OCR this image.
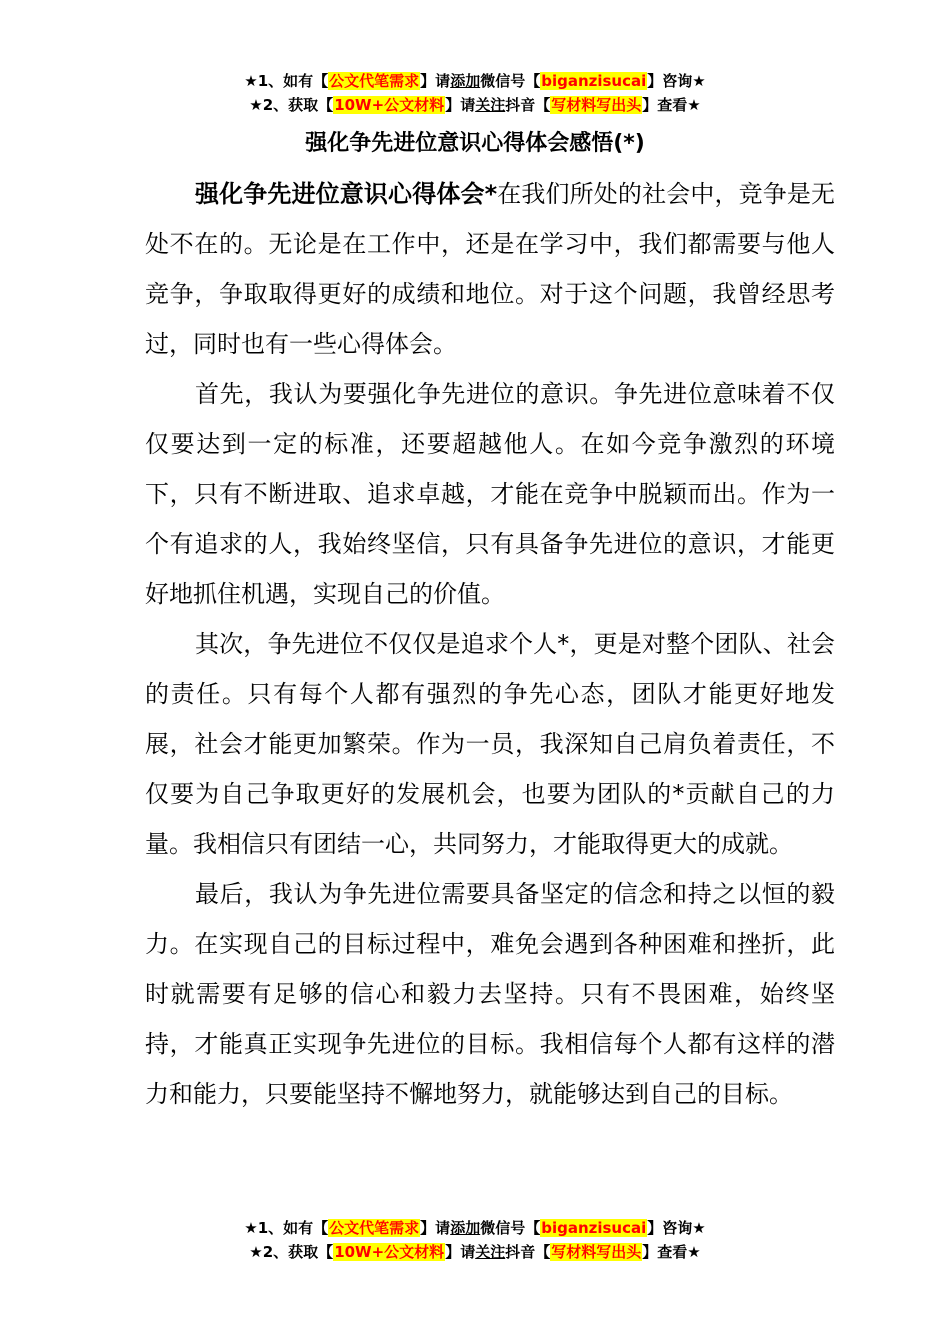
★1、如有【公文代笔需求】请添加微信号【biganzisucai】咨询★
★2、获取【10W+公文材料】请关注抖音【写材料写出头】查看★
强化争先进位意识心得体会感悟(*)

强化争先进位意识心得体会*在我们所处的社会中，竞争是无处不在的。无论是在工作中，还是在学习中，我们都需要与他人竞争，争取取得更好的成绩和地位。对于这个问题，我曾经思考过，同时也有一些心得体会。

首先，我认为要强化争先进位的意识。争先进位意味着不仅仅要达到一定的标准，还要超越他人。在如今竞争激烈的环境下，只有不断进取、追求卓越，才能在竞争中脱颖而出。作为一个有追求的人，我始终坚信，只有具备争先进位的意识，才能更好地抓住机遇，实现自己的价值。

其次，争先进位不仅仅是追求个人*，更是对整个团队、社会的责任。只有每个人都有强烈的争先心态，团队才能更好地发展，社会才能更加繁荣。作为一员，我深知自己肩负着责任，不仅要为自己争取更好的发展机会，也要为团队的*贡献自己的力量。我相信只有团结一心，共同努力，才能取得更大的成就。

最后，我认为争先进位需要具备坚定的信念和持之以恒的毅力。在实现自己的目标过程中，难免会遇到各种困难和挫折，此时就需要有足够的信心和毅力去坚持。只有不畏困难，始终坚持，才能真正实现争先进位的目标。我相信每个人都有这样的潜力和能力，只要能坚持不懈地努力，就能够达到自己的目标。

★1、如有【公文代笔需求】请添加微信号【biganzisucai】咨询★
★2、获取【10W+公文材料】请关注抖音【写材料写出头】查看★
